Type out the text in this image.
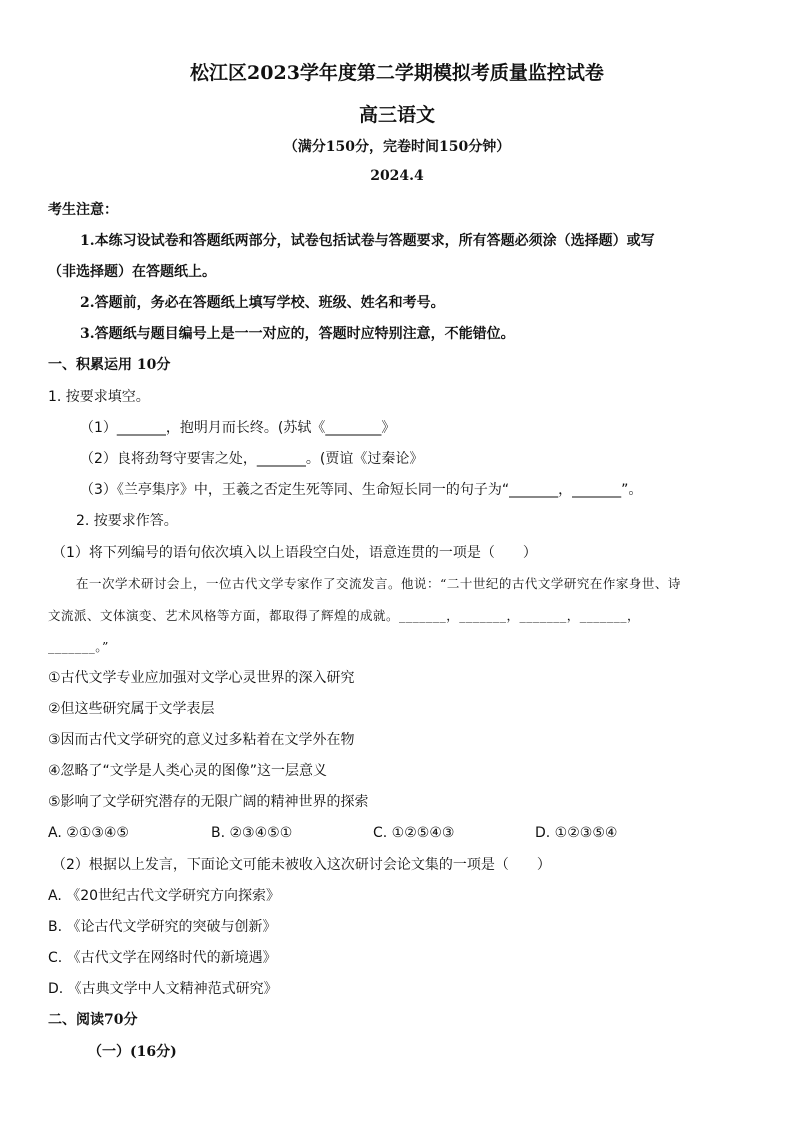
松江区2023学年度第二学期模拟考质量监控试卷
高三语文
（满分150分，完卷时间150分钟）
2024.4
考生注意：
1.本练习设试卷和答题纸两部分，试卷包括试卷与答题要求，所有答题必须涂（选择题）或写
（非选择题）在答题纸上。
2.答题前，务必在答题纸上填写学校、班级、姓名和考号。
3.答题纸与题目编号上是一一对应的，答题时应特别注意，不能错位。
一、积累运用 10分
1. 按要求填空。
（1）_______，抱明月而长终。(苏轼《________》
（2）良将劲弩守要害之处，_______。(贾谊《过秦论》
（3）《兰亭集序》中，王羲之否定生死等同、生命短长同一的句子为“_______，_______”。
2. 按要求作答。
（1）将下列编号的语句依次填入以上语段空白处，语意连贯的一项是（　　）
在一次学术研讨会上，一位古代文学专家作了交流发言。他说：“二十世纪的古代文学研究在作家身世、诗
文流派、文体演变、艺术风格等方面，都取得了辉煌的成就。_______，_______，_______，_______，
_______。”
①古代文学专业应加强对文学心灵世界的深入研究
②但这些研究属于文学表层
③因而古代文学研究的意义过多粘着在文学外在物
④忽略了“文学是人类心灵的图像”这一层意义
⑤影响了文学研究潜存的无限广阔的精神世界的探索
A. ②①③④⑤	B. ②③④⑤①	C. ①②⑤④③	D. ①②③⑤④
（2）根据以上发言，下面论文可能未被收入这次研讨会论文集的一项是（　　）
A. 《20世纪古代文学研究方向探索》
B. 《论古代文学研究的突破与创新》
C. 《古代文学在网络时代的新境遇》
D. 《古典文学中人文精神范式研究》
二、阅读70分
（一）(16分)
